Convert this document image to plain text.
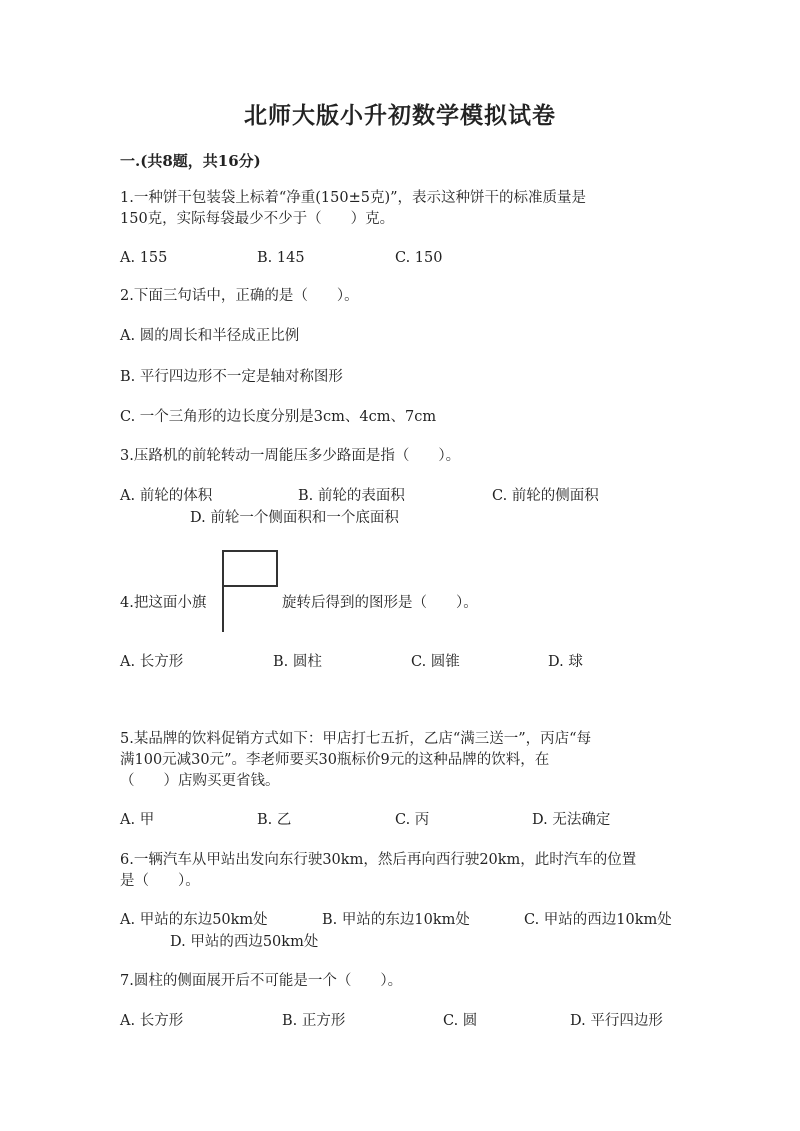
北师大版小升初数学模拟试卷
一.(共8题，共16分)
1.一种饼干包装袋上标着“净重(150±5克)”，表示这种饼干的标准质量是
150克，实际每袋最少不少于（　　）克。
A. 155	B. 145	C. 150
2.下面三句话中，正确的是（　　）。
A. 圆的周长和半径成正比例
B. 平行四边形不一定是轴对称图形
C. 一个三角形的边长度分别是3cm、4cm、7cm
3.压路机的前轮转动一周能压多少路面是指（　　）。
A. 前轮的体积	B. 前轮的表面积	C. 前轮的侧面积
D. 前轮一个侧面积和一个底面积
4.把这面小旗	旋转后得到的图形是（　　）。
A. 长方形	B. 圆柱	C. 圆锥	D. 球
5.某品牌的饮料促销方式如下：甲店打七五折，乙店“满三送一”，丙店“每
满100元减30元”。李老师要买30瓶标价9元的这种品牌的饮料，在
（　　）店购买更省钱。
A. 甲	B. 乙	C. 丙	D. 无法确定
6.一辆汽车从甲站出发向东行驶30km，然后再向西行驶20km，此时汽车的位置
是（　　）。
A. 甲站的东边50km处	B. 甲站的东边10km处	C. 甲站的西边10km处
D. 甲站的西边50km处
7.圆柱的侧面展开后不可能是一个（　　）。
A. 长方形	B. 正方形	C. 圆	D. 平行四边形
